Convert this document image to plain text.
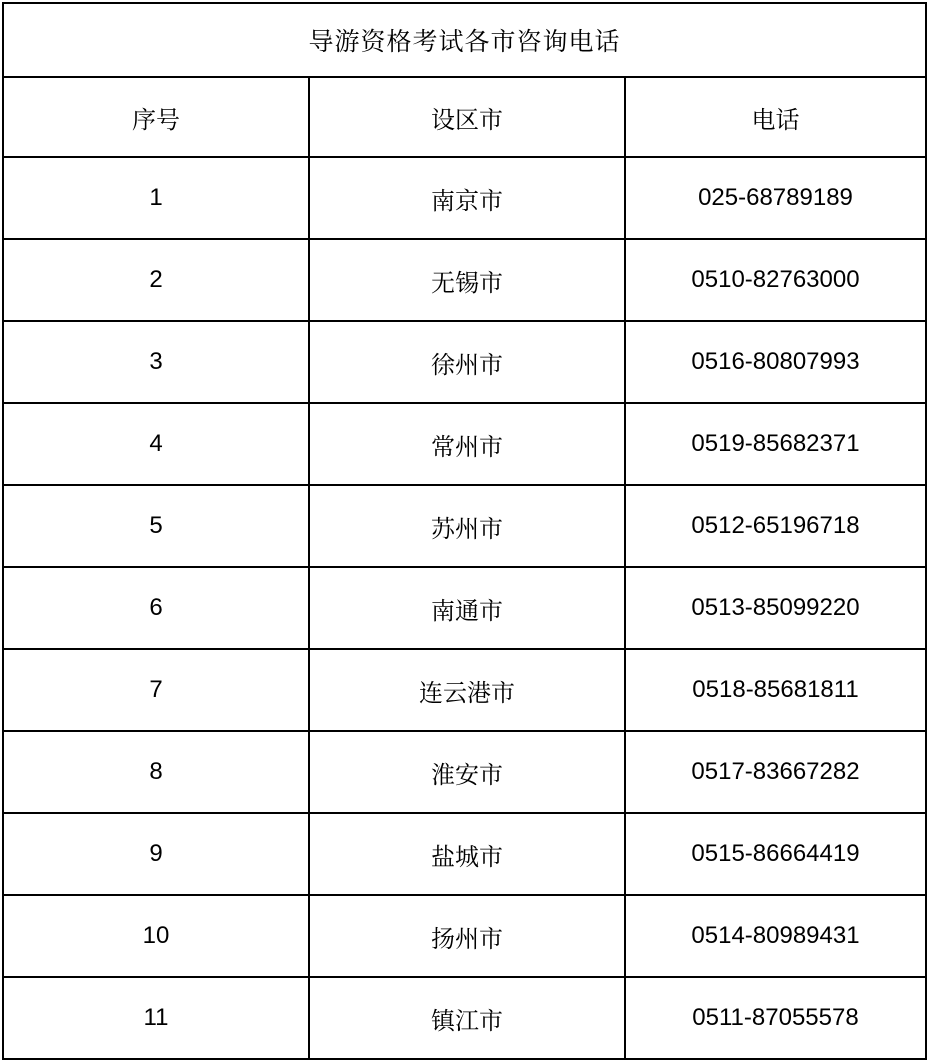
导游资格考试各市咨询电话		
序号	设区市	电话
1	南京市	025-68789189
2	无锡市	0510-82763000
3	徐州市	0516-80807993
4	常州市	0519-85682371
5	苏州市	0512-65196718
6	南通市	0513-85099220
7	连云港市	0518-85681811
8	淮安市	0517-83667282
9	盐城市	0515-86664419
10	扬州市	0514-80989431
11	镇江市	0511-87055578
